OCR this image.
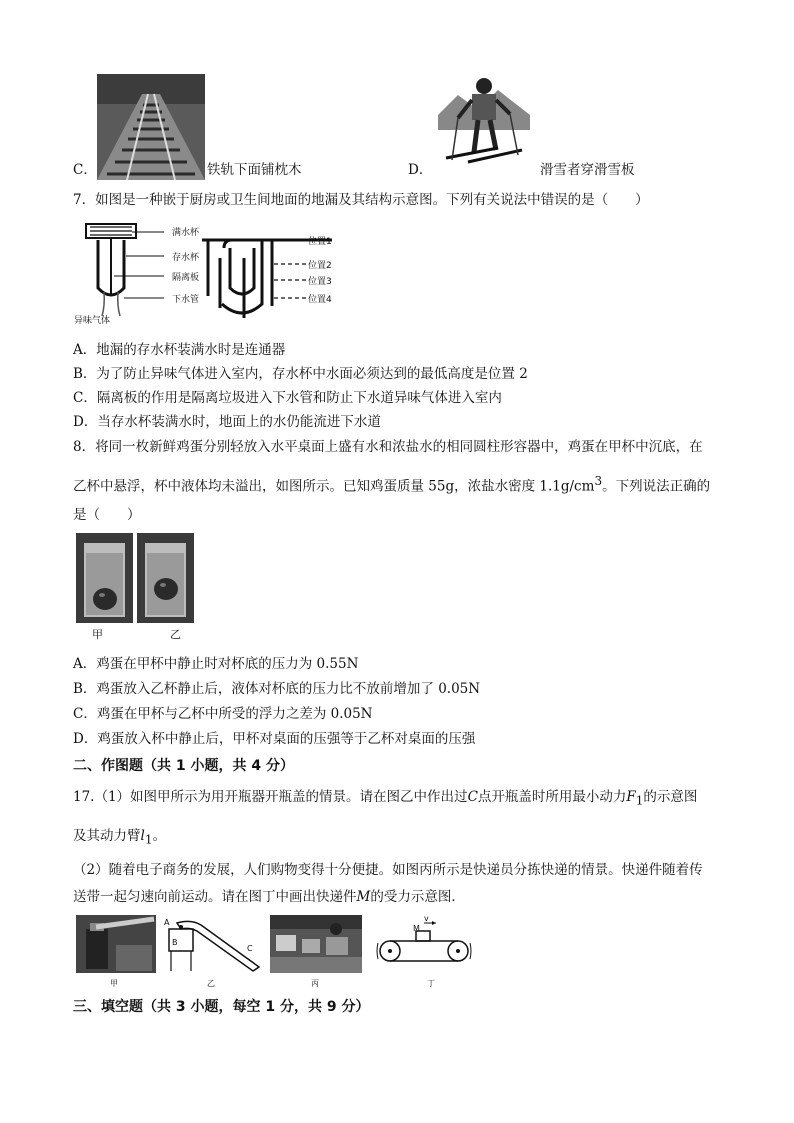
C．	铁轨下面铺枕木	D．	滑雪者穿滑雪板
7．如图是一种嵌于厨房或卫生间地面的地漏及其结构示意图。下列有关说法中错误的是（　　）
满水杯
存水杯
隔离板
下水管
异味气体
位置1
位置2
位置3
位置4
A．地漏的存水杯装满水时是连通器
B．为了防止异味气体进入室内，存水杯中水面必须达到的最低高度是位置 2
C．隔离板的作用是隔离垃圾进入下水管和防止下水道异味气体进入室内
D．当存水杯装满水时，地面上的水仍能流进下水道
8．将同一枚新鲜鸡蛋分别轻放入水平桌面上盛有水和浓盐水的相同圆柱形容器中，鸡蛋在甲杯中沉底，在
乙杯中悬浮，杯中液体均未溢出，如图所示。已知鸡蛋质量 55g，浓盐水密度 $1.1g/cm^3$。下列说法正确的
是（　　）
甲	乙
A．鸡蛋在甲杯中静止时对杯底的压力为 0.55N
B．鸡蛋放入乙杯静止后，液体对杯底的压力比不放前增加了 0.05N
C．鸡蛋在甲杯与乙杯中所受的浮力之差为 0.05N
D．鸡蛋放入杯中静止后，甲杯对桌面的压强等于乙杯对桌面的压强
二、作图题（共 1 小题，共 4 分）
17.（1）如图甲所示为用开瓶器开瓶盖的情景。请在图乙中作出过C点开瓶盖时所用最小动力$F_1$的示意图
及其动力臂$l_1$。
（2）随着电子商务的发展，人们购物变得十分便捷。如图丙所示是快递员分拣快递的情景。快递件随着传
送带一起匀速向前运动。请在图丁中画出快递件M的受力示意图．
A
B
C
M
v
甲	乙	丙	丁
三、填空题（共 3 小题，每空 1 分，共 9 分）
